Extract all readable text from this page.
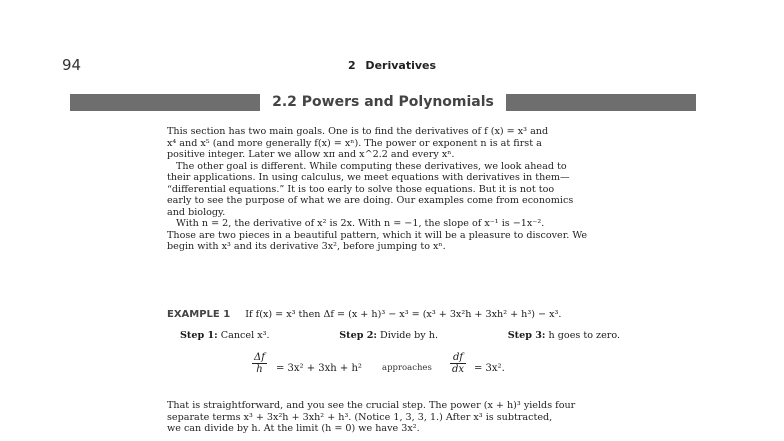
94	2 Derivatives
2.2 Powers and Polynomials

This section has two main goals. One is to find the derivatives of f (x) = x³ and

x⁴ and x⁵ (and more generally f(x) = xⁿ). The power or exponent n is at first a

positive integer. Later we allow xπ and x^2.2 and every xⁿ.

The other goal is different. While computing these derivatives, we look ahead to

their applications. In using calculus, we meet equations with derivatives in them—

“differential equations.” It is too early to solve those equations. But it is not too

early to see the purpose of what we are doing. Our examples come from economics

and biology.

With n = 2, the derivative of x² is 2x. With n = −1, the slope of x⁻¹ is −1x⁻².

Those are two pieces in a beautiful pattern, which it will be a pleasure to discover. We

begin with x³ and its derivative 3x², before jumping to xⁿ.

EXAMPLE 1 If f(x) = x³ then Δf = (x + h)³ − x³ = (x³ + 3x²h + 3xh² + h³) − x³.
Step 1: Cancel x³.	Step 2: Divide by h.	Step 3: h goes to zero.
$\frac{\Delta f}{h} = 3x^2 + 3xh + h^2$ approaches $\frac{df}{dx} = 3x^2$.

That is straightforward, and you see the crucial step. The power (x + h)³ yields four

separate terms x³ + 3x²h + 3xh² + h³. (Notice 1, 3, 3, 1.) After x³ is subtracted,

we can divide by h. At the limit (h = 0) we have 3x².
